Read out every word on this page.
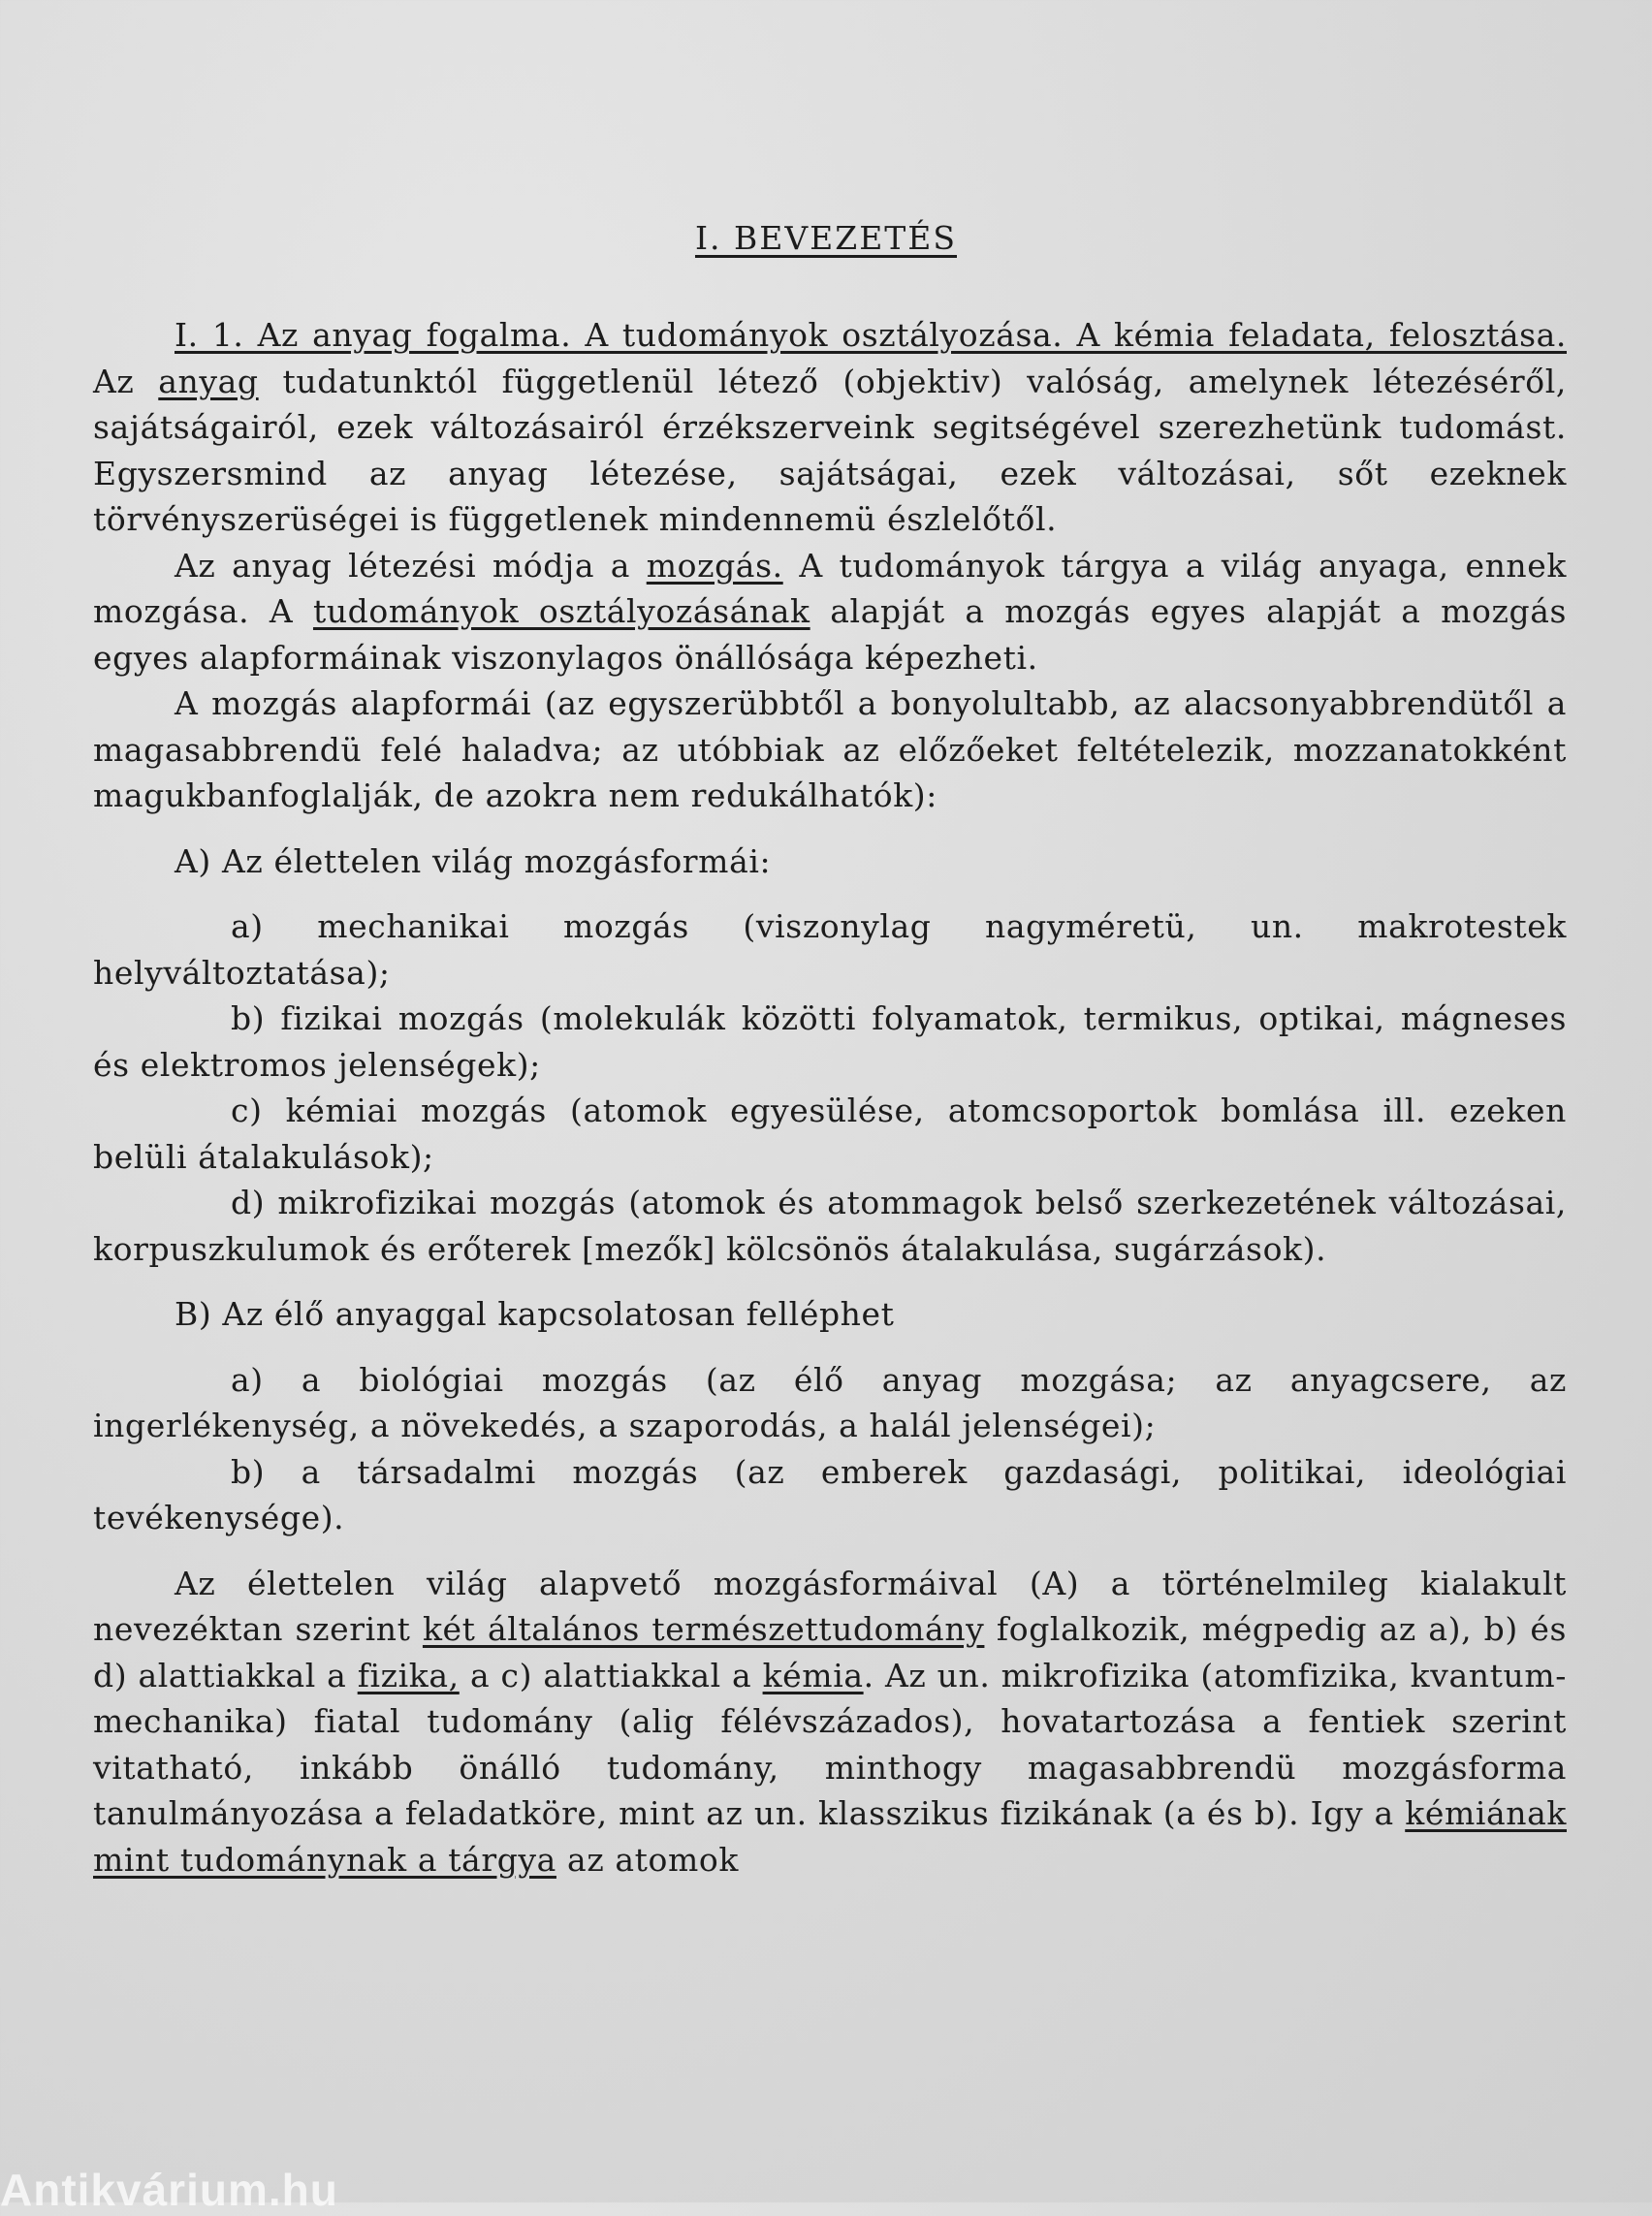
I. BEVEZETÉS

I. 1. Az anyag fogalma. A tudományok osztályozása. A kémia feladata, felosztása. Az anyag tudatunktól függetlenül létező (objektiv) valóság, amelynek létezéséről, sajátságairól, ezek változásairól érzékszerveink segitségével szerezhetünk tudomást. Egyszersmind az anyag létezése, sajátságai, ezek változásai, sőt ezeknek törvényszerüségei is függetlenek mindennemü észlelőtől.

Az anyag létezési módja a mozgás. A tudományok tárgya a világ anyaga, ennek mozgása. A tudományok osztályozásának alapját a mozgás egyes alapját a mozgás egyes alapformáinak viszonylagos önállósága képezheti.

A mozgás alapformái (az egyszerübbtől a bonyolultabb, az alacsonyabbrendütől a magasabbrendü felé haladva; az utóbbiak az előzőeket feltételezik, mozzanatokként magukbanfoglalják, de azokra nem redukálhatók):

A) Az élettelen világ mozgásformái:

a) mechanikai mozgás (viszonylag nagyméretü, un. makrotestek helyváltoztatása);

b) fizikai mozgás (molekulák közötti folyamatok, termikus, optikai, mágneses és elektromos jelenségek);

c) kémiai mozgás (atomok egyesülése, atomcsoportok bomlása ill. ezeken belüli átalakulások);

d) mikrofizikai mozgás (atomok és atommagok belső szerkezetének változásai, korpuszkulumok és erőterek [mezők] kölcsönös átalakulása, sugárzások).

B) Az élő anyaggal kapcsolatosan felléphet

a) a biológiai mozgás (az élő anyag mozgása; az anyagcsere, az ingerlékenység, a növekedés, a szaporodás, a halál jelenségei);

b) a társadalmi mozgás (az emberek gazdasági, politikai, ideológiai tevékenysége).

Az élettelen világ alapvető mozgásformáival (A) a történelmileg kialakult nevezéktan szerint két általános természettudomány foglalkozik, mégpedig az a), b) és d) alattiakkal a fizika, a c) alattiakkal a kémia. Az un. mikrofizika (atomfizika, kvantum-mechanika) fiatal tudomány (alig félévszázados), hovatartozása a fentiek szerint vitatható, inkább önálló tudomány, minthogy magasabbrendü mozgásforma tanulmányozása a feladatköre, mint az un. klasszikus fizikának (a és b). Igy a kémiának mint tudománynak a tárgya az atomok

Antikvárium.hu
